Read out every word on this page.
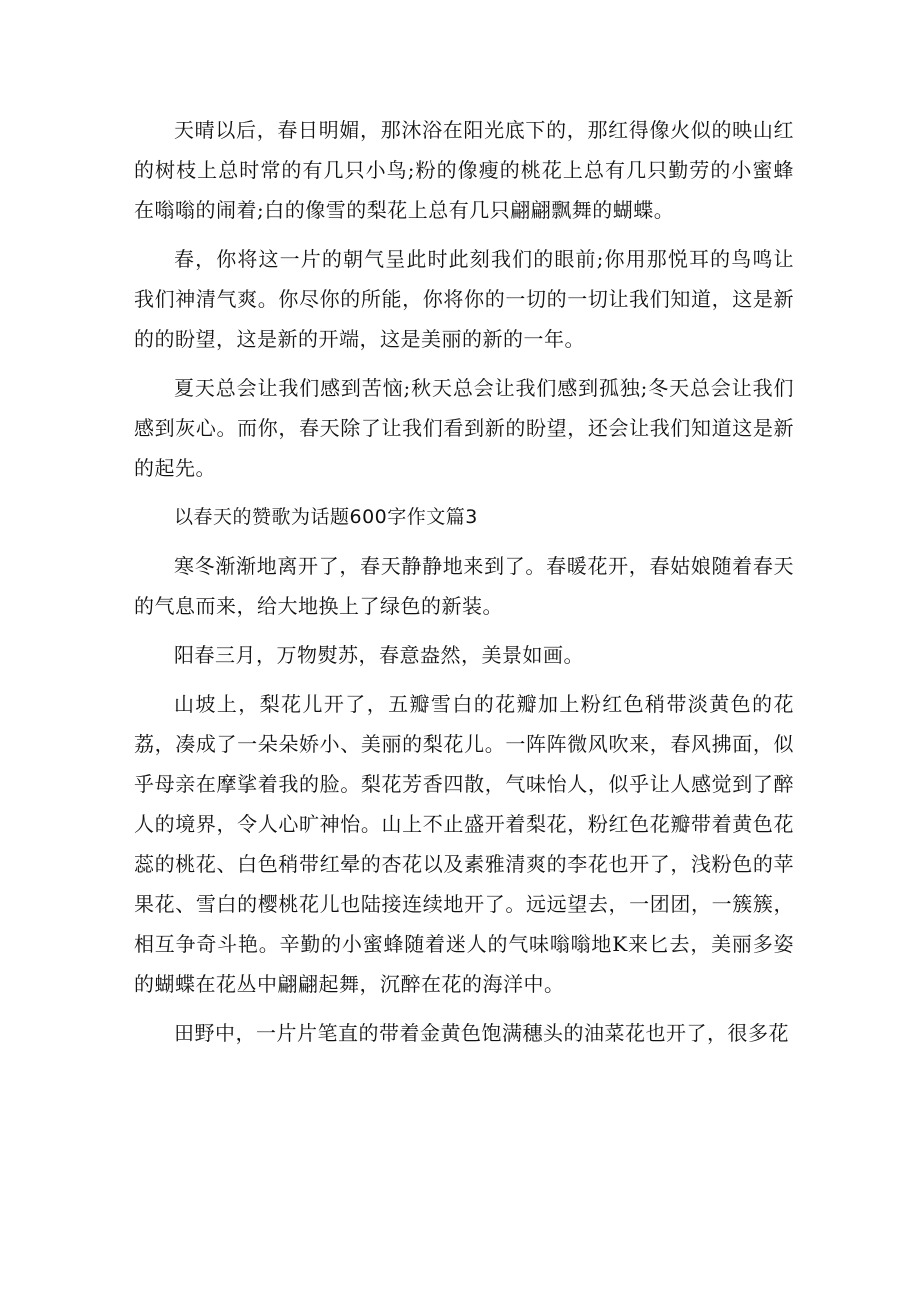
天晴以后，春日明媚，那沐浴在阳光底下的，那红得像火似的映山红的树枝上总时常的有几只小鸟;粉的像瘦的桃花上总有几只勤劳的小蜜蜂在嗡嗡的闹着;白的像雪的梨花上总有几只翩翩飘舞的蝴蝶。

春，你将这一片的朝气呈此时此刻我们的眼前;你用那悦耳的鸟鸣让我们神清气爽。你尽你的所能，你将你的一切的一切让我们知道，这是新的的盼望，这是新的开端，这是美丽的新的一年。

夏天总会让我们感到苦恼;秋天总会让我们感到孤独;冬天总会让我们感到灰心。而你，春天除了让我们看到新的盼望，还会让我们知道这是新的起先。

以春天的赞歌为话题600字作文篇3

寒冬渐渐地离开了，春天静静地来到了。春暖花开，春姑娘随着春天的气息而来，给大地换上了绿色的新装。

阳春三月，万物熨苏，春意盎然，美景如画。

山坡上，梨花儿开了，五瓣雪白的花瓣加上粉红色稍带淡黄色的花荔，凑成了一朵朵娇小、美丽的梨花儿。一阵阵微风吹来，春风拂面，似乎母亲在摩挲着我的脸。梨花芳香四散，气味怡人，似乎让人感觉到了醉人的境界，令人心旷神怡。山上不止盛开着梨花，粉红色花瓣带着黄色花蕊的桃花、白色稍带红晕的杏花以及素雅清爽的李花也开了，浅粉色的苹果花、雪白的樱桃花儿也陆接连续地开了。远远望去，一团团，一簇簇，相互争奇斗艳。辛勤的小蜜蜂随着迷人的气味嗡嗡地K来匕去，美丽多姿的蝴蝶在花丛中翩翩起舞，沉醉在花的海洋中。

田野中，一片片笔直的带着金黄色饱满穗头的油菜花也开了，很多花
